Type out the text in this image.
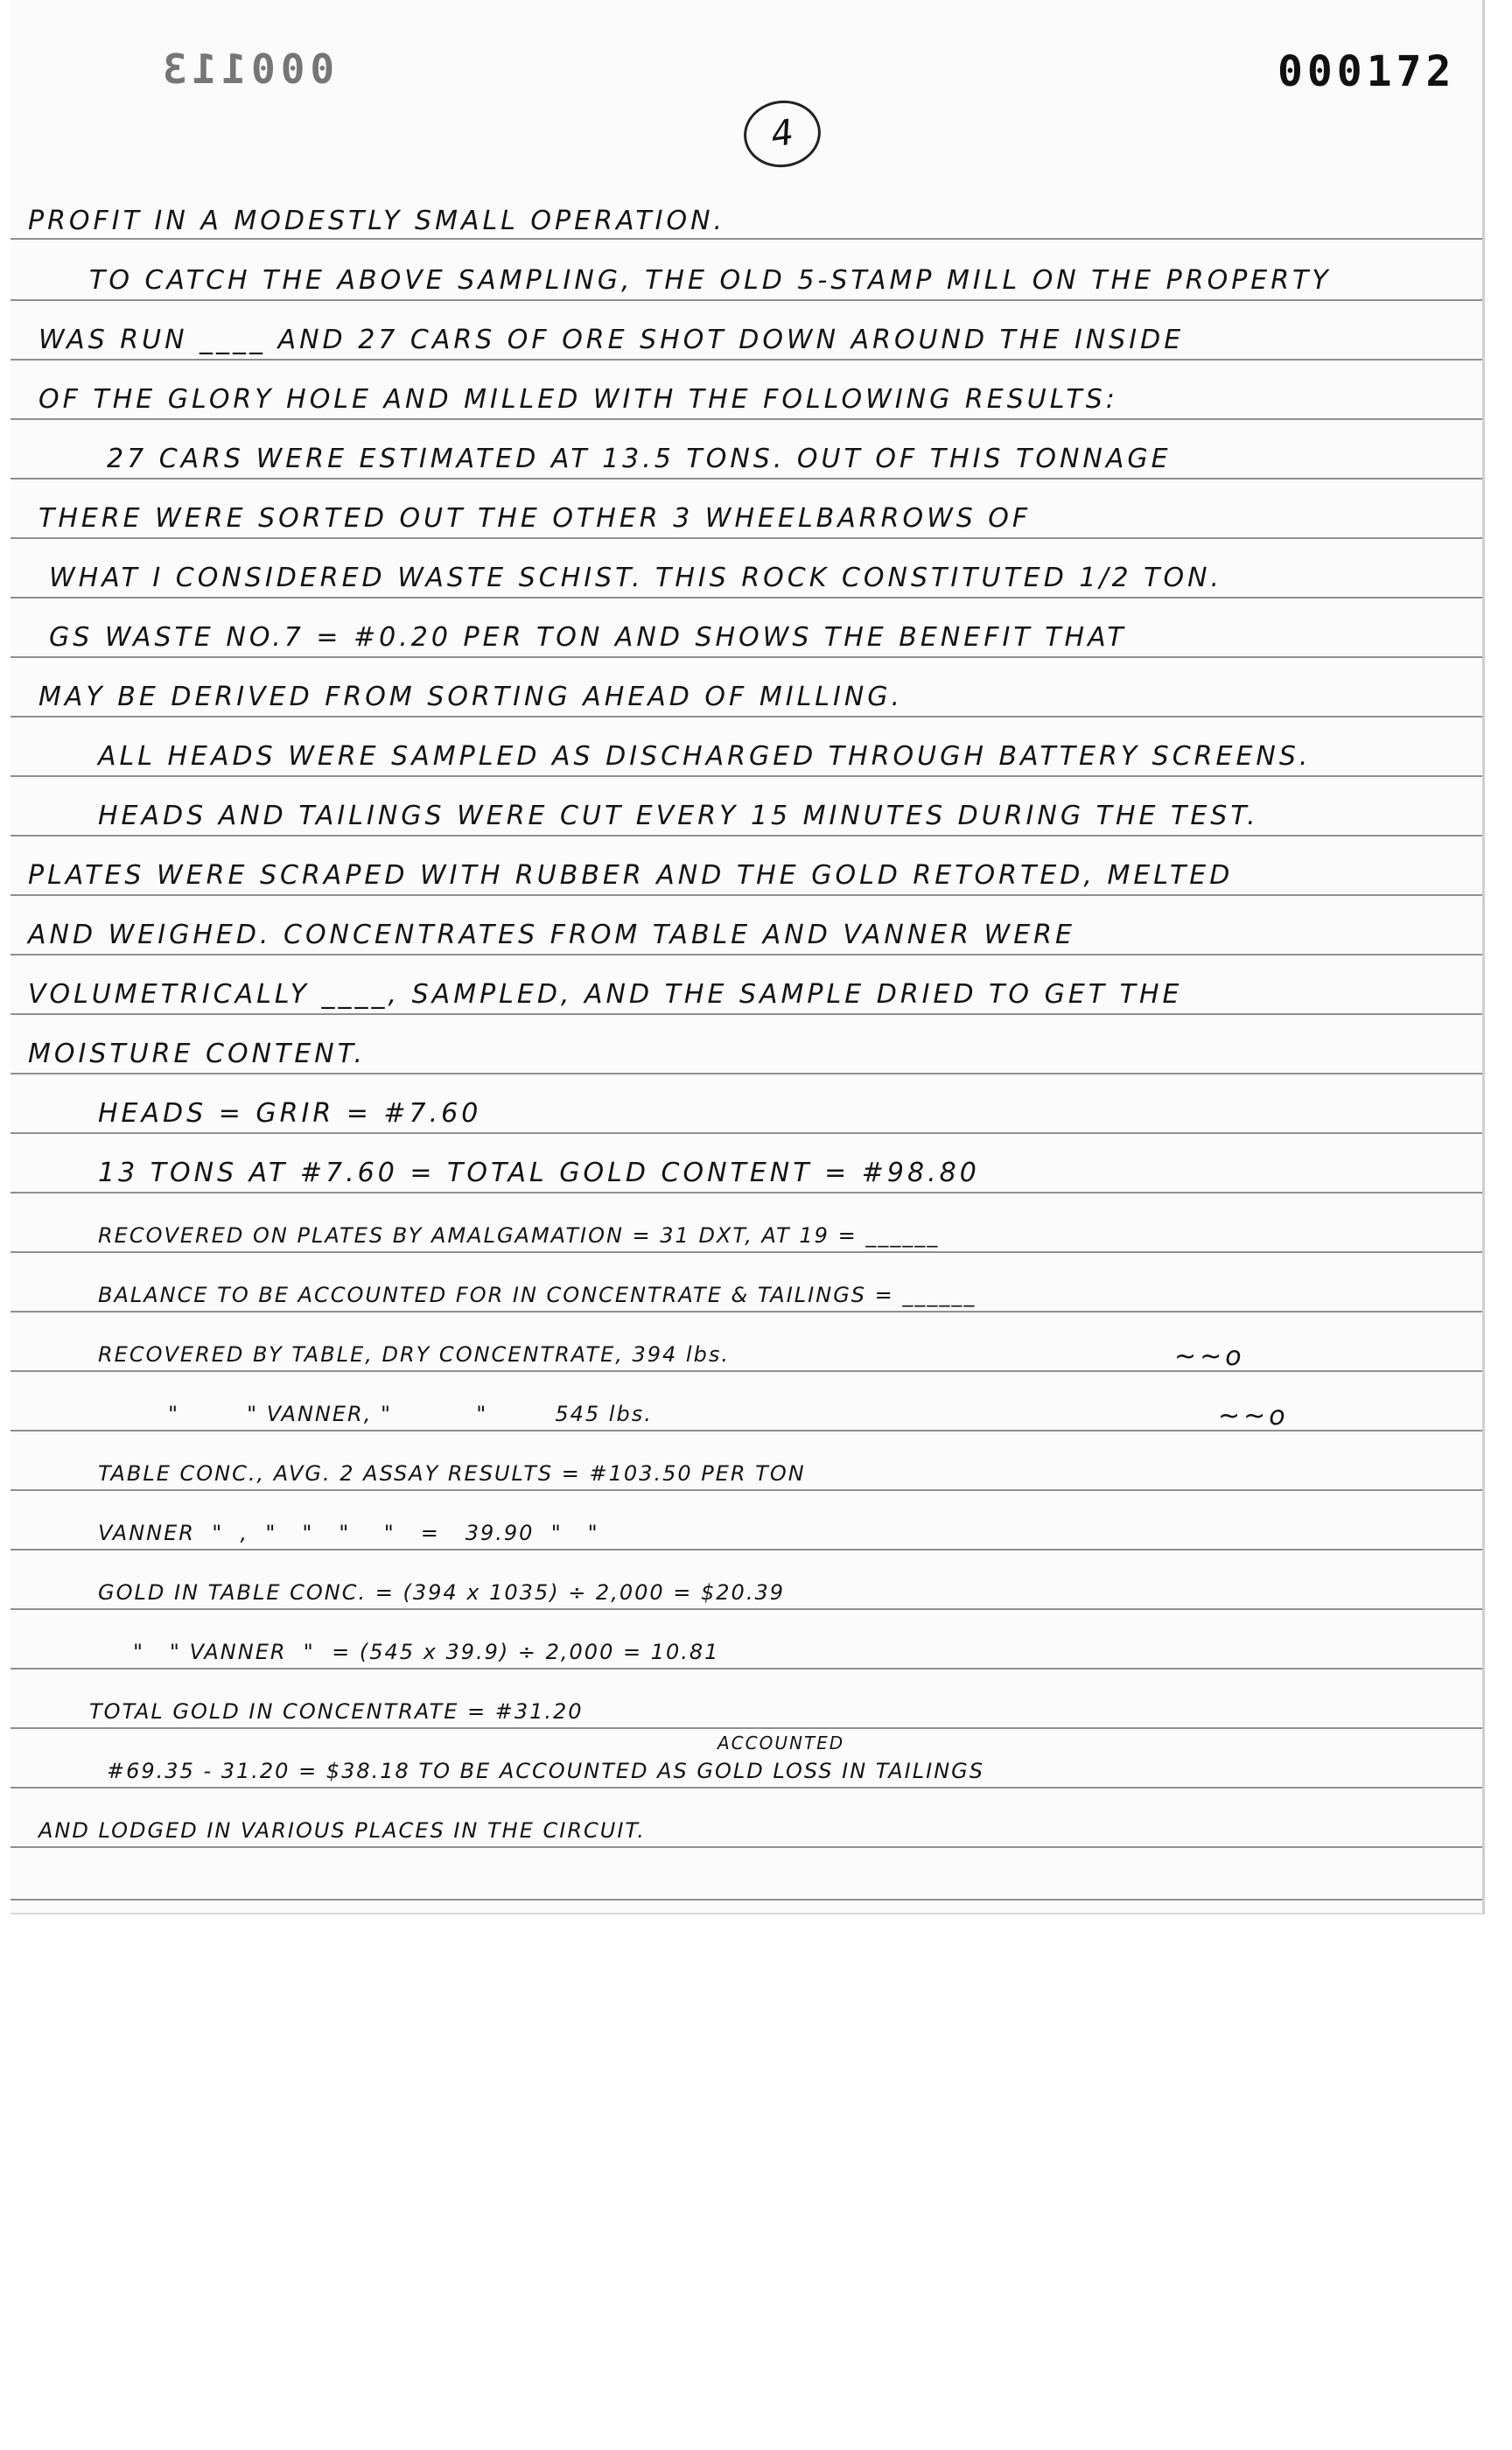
000113	000172
4
PROFIT IN A MODESTLY SMALL OPERATION.
TO CATCH THE ABOVE SAMPLING, THE OLD 5-STAMP MILL ON THE PROPERTY
WAS RUN ____ AND 27 CARS OF ORE SHOT DOWN AROUND THE INSIDE
OF THE GLORY HOLE AND MILLED WITH THE FOLLOWING RESULTS:
27 CARS WERE ESTIMATED AT 13.5 TONS. OUT OF THIS TONNAGE
THERE WERE SORTED OUT THE OTHER 3 WHEELBARROWS OF
WHAT I CONSIDERED WASTE SCHIST. THIS ROCK CONSTITUTED 1/2 TON.
GS WASTE NO.7 = #0.20 PER TON AND SHOWS THE BENEFIT THAT
MAY BE DERIVED FROM SORTING AHEAD OF MILLING.
ALL HEADS WERE SAMPLED AS DISCHARGED THROUGH BATTERY SCREENS.
HEADS AND TAILINGS WERE CUT EVERY 15 MINUTES DURING THE TEST.
PLATES WERE SCRAPED WITH RUBBER AND THE GOLD RETORTED, MELTED
AND WEIGHED. CONCENTRATES FROM TABLE AND VANNER WERE
VOLUMETRICALLY ____, SAMPLED, AND THE SAMPLE DRIED TO GET THE
MOISTURE CONTENT.
HEADS = GRIR = #7.60
13 TONS AT #7.60 = TOTAL GOLD CONTENT = #98.80
RECOVERED ON PLATES BY AMALGAMATION = 31 DXT, AT 19 = ______
BALANCE TO BE ACCOUNTED FOR IN CONCENTRATE & TAILINGS = ______
RECOVERED BY TABLE, DRY CONCENTRATE, 394 lbs.
"        " VANNER, "          "        545 lbs.
TABLE CONC., AVG. 2 ASSAY RESULTS = #103.50 PER TON
VANNER  "  ,  "   "   "    "   =   39.90  "   "
GOLD IN TABLE CONC. = (394 x 1035) ÷ 2,000 = $20.39
"   " VANNER  "  = (545 x 39.9) ÷ 2,000 = 10.81
TOTAL GOLD IN CONCENTRATE = #31.20
#69.35 - 31.20 = $38.18 TO BE ACCOUNTED AS GOLD LOSS IN TAILINGS
AND LODGED IN VARIOUS PLACES IN THE CIRCUIT.
~~o
~~o
ACCOUNTED
